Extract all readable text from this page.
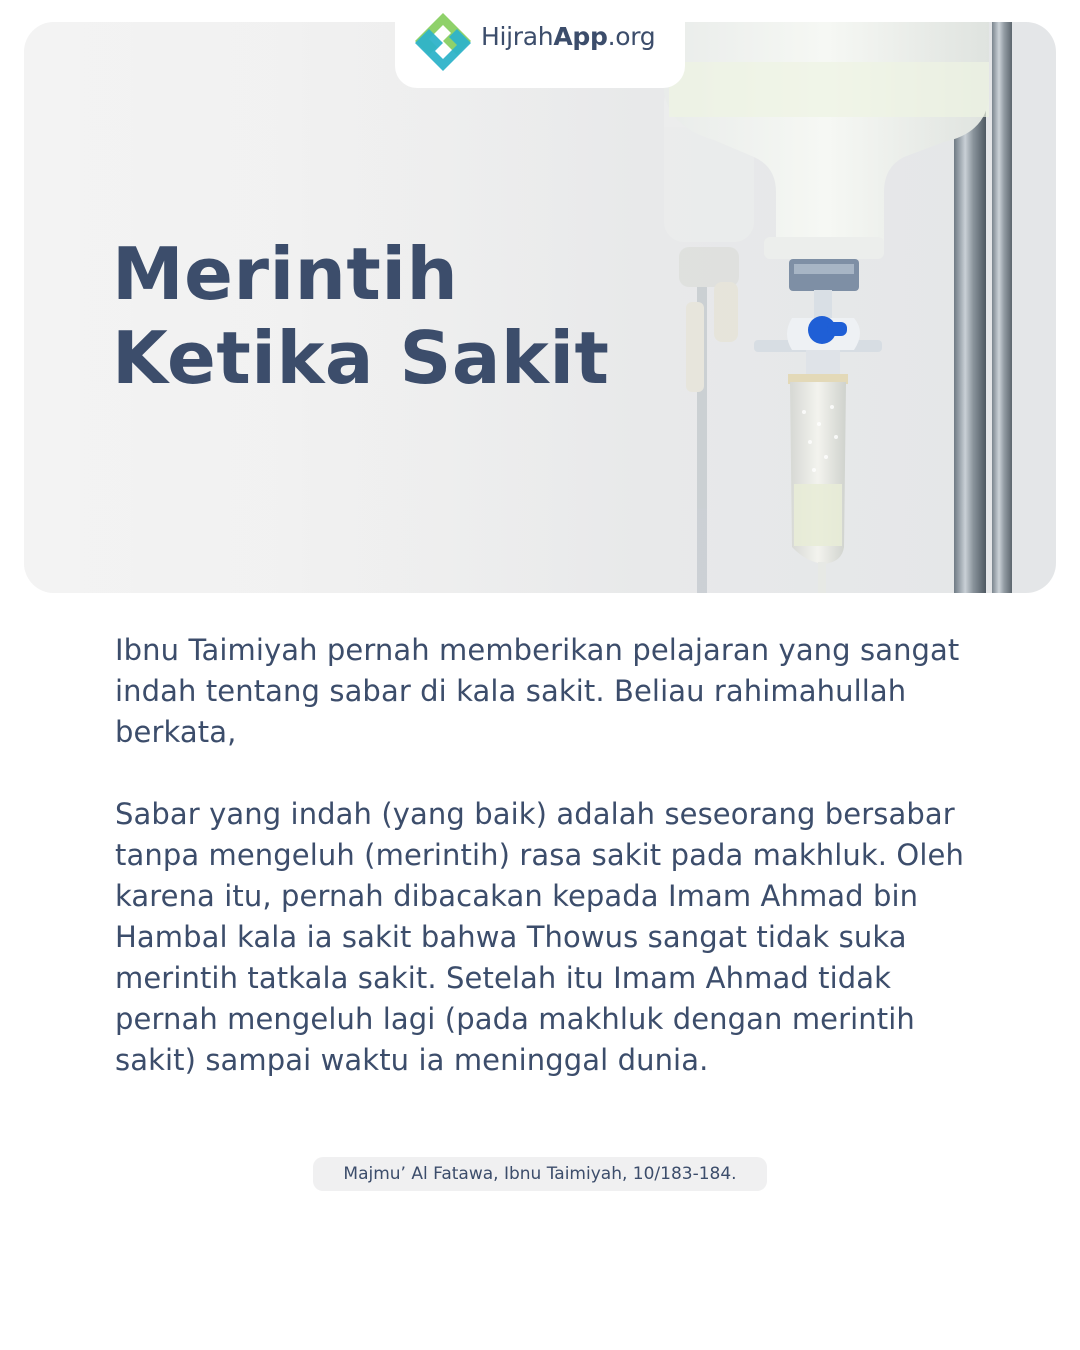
Merintih
Ketika Sakit
HijrahApp.org

Ibnu Taimiyah pernah memberikan pelajaran yang sangat indah tentang sabar di kala sakit. Beliau rahimahullah berkata,

Sabar yang indah (yang baik) adalah seseorang bersabar tanpa mengeluh (merintih) rasa sakit pada makhluk. Oleh karena itu, pernah dibacakan kepada Imam Ahmad bin Hambal kala ia sakit bahwa Thowus sangat tidak suka merintih tatkala sakit. Setelah itu Imam Ahmad tidak pernah mengeluh lagi (pada makhluk dengan merintih sakit) sampai waktu ia meninggal dunia.

Majmu’ Al Fatawa, Ibnu Taimiyah, 10/183-184.
